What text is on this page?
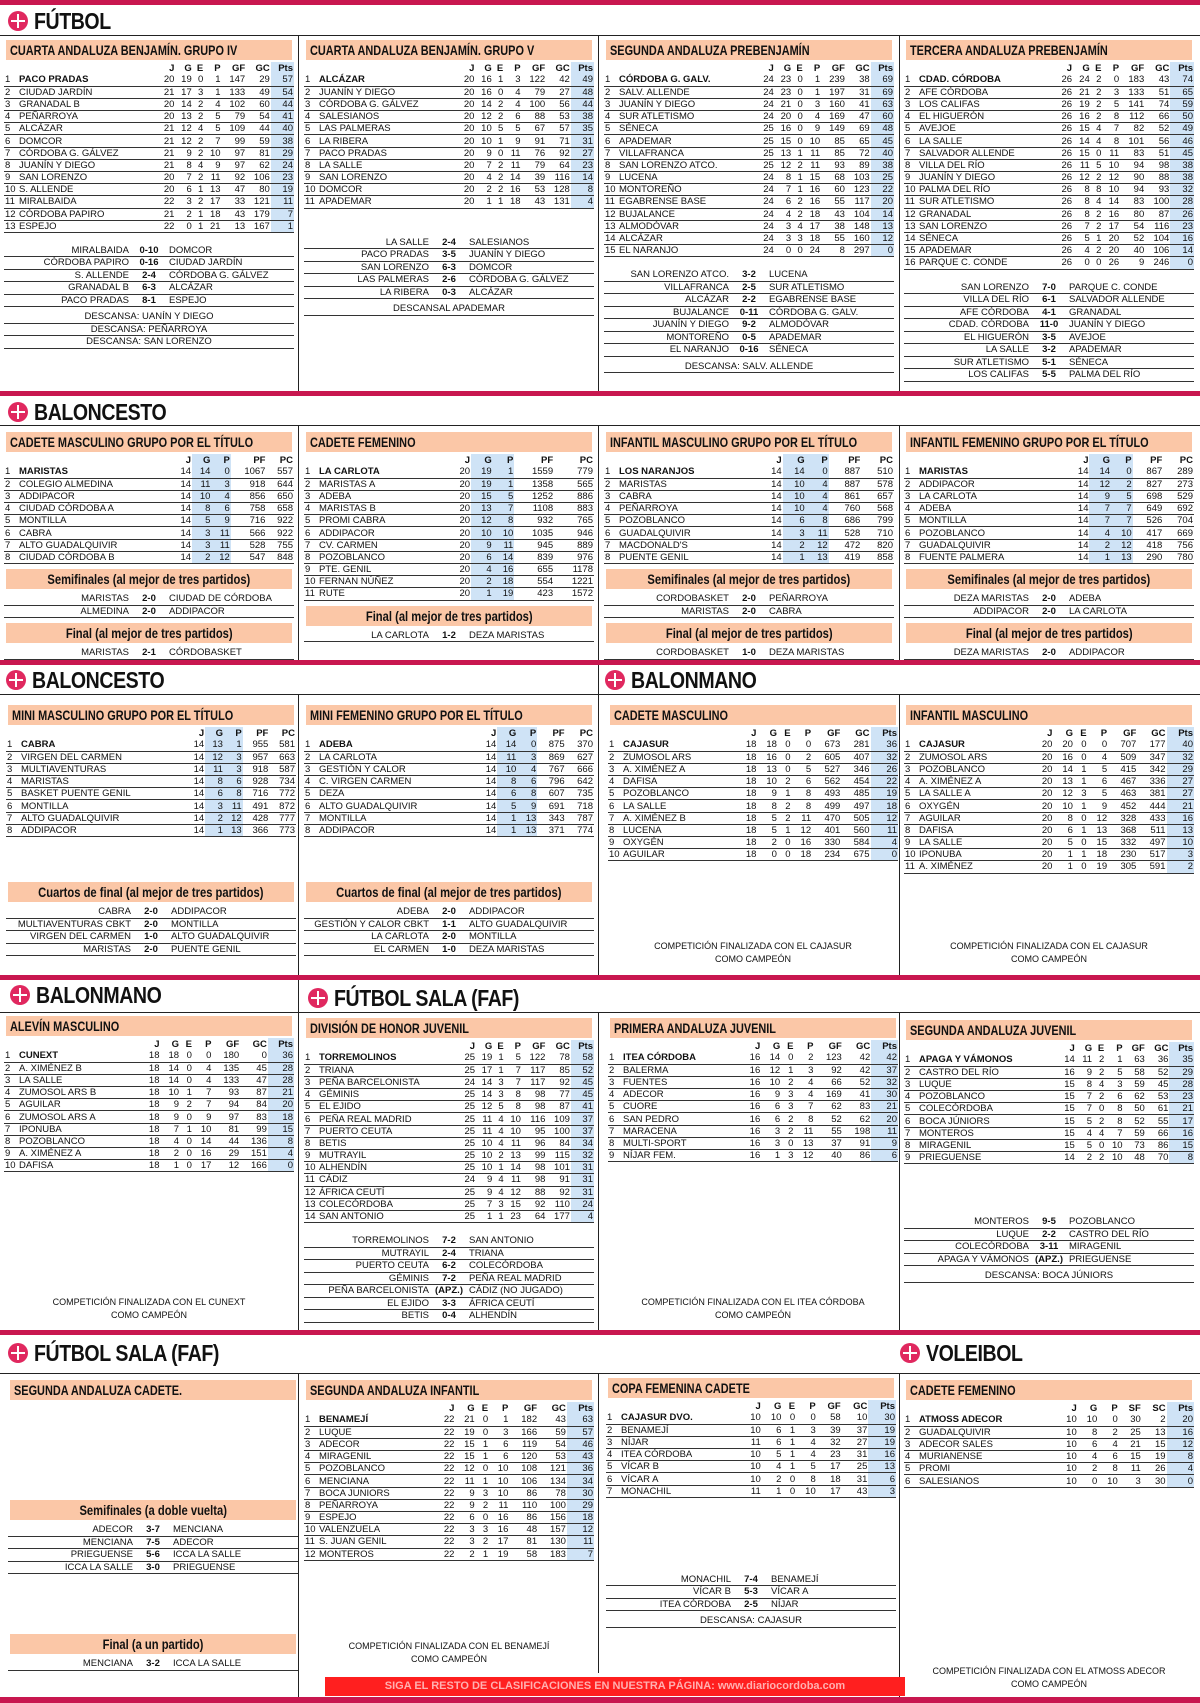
FÚTBOL
BALONCESTO
BALONCESTO	BALONMANO
BALONMANO	FÚTBOL SALA (FAF)
FÚTBOL SALA (FAF)	VOLEIBOL
CUARTA ANDALUZA BENJAMÍN. GRUPO IV
		J	G	E	P	GF	GC	Pts
1	PACO PRADAS	20	19	0	1	147	29	57
2	CIUDAD JARDÍN	21	17	3	1	133	49	54
3	GRANADAL B	20	14	2	4	102	60	44
4	PEÑARROYA	20	13	2	5	79	54	41
5	ALCÁZAR	21	12	4	5	109	44	40
6	DOMCOR	21	12	2	7	99	59	38
7	CÓRDOBA G. GÁLVEZ	21	9	2	10	97	81	29
8	JUANÍN Y DIEGO	21	8	4	9	97	62	24
9	SAN LORENZO	20	7	2	11	92	106	23
10	S. ALLENDE	20	6	1	13	47	80	19
11	MIRALBAIDA	22	3	2	17	33	121	11
12	CÓRDOBA PAPIRO	21	2	1	18	43	179	7
13	ESPEJO	22	0	1	21	13	167	1
MIRALBAIDA	0-10	DOMCOR
CÓRDOBA PAPIRO	0-16	CIUDAD JARDÍN
S. ALLENDE	2-4	CÓRDOBA G. GÁLVEZ
GRANADAL B	6-3	ALCÁZAR
PACO PRADAS	8-1	ESPEJO
DESCANSA: UANÍN Y DIEGO
DESCANSA: PEÑARROYA
DESCANSA: SAN LORENZO
CUARTA ANDALUZA BENJAMÍN. GRUPO V
		J	G	E	P	GF	GC	Pts
1	ALCÁZAR	20	16	1	3	122	42	49
2	JUANÍN Y DIEGO	20	16	0	4	79	27	48
3	CÓRDOBA G. GÁLVEZ	20	14	2	4	100	56	44
4	SALESIANOS	20	12	2	6	88	53	38
5	LAS PALMERAS	20	10	5	5	67	57	35
6	LA RIBERA	20	10	1	9	91	71	31
7	PACO PRADAS	20	9	0	11	76	92	27
8	LA SALLE	20	7	2	11	79	64	23
9	SAN LORENZO	20	4	2	14	39	116	14
10	DOMCOR	20	2	2	16	53	128	8
11	APADEMAR	20	1	1	18	43	131	4
LA SALLE	2-4	SALESIANOS
PACO PRADAS	3-5	JUANÍN Y DIEGO
SAN LORENZO	6-3	DOMCOR
LAS PALMERAS	2-6	CÓRDOBA G. GÁLVEZ
LA RIBERA	0-3	ALCÁZAR
DESCANSAL APADEMAR
SEGUNDA ANDALUZA PREBENJAMÍN
		J	G	E	P	GF	GC	Pts
1	CÓRDOBA G. GALV.	24	23	0	1	239	38	69
2	SALV. ALLENDE	24	23	0	1	197	31	69
3	JUANÍN Y DIEGO	24	21	0	3	160	41	63
4	SUR ATLETISMO	24	20	0	4	169	47	60
5	SÉNECA	25	16	0	9	149	69	48
6	APADEMAR	25	15	0	10	85	65	45
7	VILLAFRANCA	25	13	1	11	85	72	40
8	SAN LORENZO ATCO.	25	12	2	11	93	89	38
9	LUCENA	24	8	1	15	68	103	25
10	MONTOREÑO	24	7	1	16	60	123	22
11	EGABRENSE BASE	24	6	2	16	55	117	20
12	BUJALANCE	24	4	2	18	43	104	14
13	ALMODÓVAR	24	3	4	17	38	148	13
14	ALCÁZAR	24	3	3	18	55	160	12
15	EL NARANJO	24	0	0	24	8	297	0
SAN LORENZO ATCO.	3-2	LUCENA
VILLAFRANCA	2-5	SUR ATLETISMO
ALCÁZAR	2-2	EGABRENSE BASE
BUJALANCE	0-11	CÓRDOBA G. GALV.
JUANÍN Y DIEGO	9-2	ALMODÓVAR
MONTOREÑO	0-5	APADEMAR
EL NARANJO	0-16	SÉNECA
DESCANSA: SALV. ALLENDE
TERCERA ANDALUZA PREBENJAMÍN
		J	G	E	P	GF	GC	Pts
1	CDAD. CÓRDOBA	26	24	2	0	183	43	74
2	AFE CÓRDOBA	26	21	2	3	133	51	65
3	LOS CALIFAS	26	19	2	5	141	74	59
4	EL HIGUERÓN	26	16	2	8	112	66	50
5	AVEJOE	26	15	4	7	82	52	49
6	LA SALLE	26	14	4	8	101	56	46
7	SALVADOR ALLENDE	26	15	0	11	83	51	45
8	VILLA DEL RÍO	26	11	5	10	94	98	38
9	JUANÍN Y DIEGO	26	12	2	12	90	88	38
10	PALMA DEL RÍO	26	8	8	10	94	93	32
11	SUR ATLETISMO	26	8	4	14	83	100	28
12	GRANADAL	26	8	2	16	80	87	26
13	SAN LORENZO	26	7	2	17	54	116	23
14	SÉNECA	26	5	1	20	52	104	16
15	APADEMAR	26	4	2	20	40	106	14
16	PARQUE C. CONDE	26	0	0	26	9	246	0
SAN LORENZO	7-0	PARQUE C. CONDE
VILLA DEL RÍO	6-1	SALVADOR ALLENDE
AFE CÓRDOBA	4-1	GRANADAL
CDAD. CÓRDOBA	11-0	JUANÍN Y DIEGO
EL HIGUERÓN	3-5	AVEJOE
LA SALLE	3-2	APADEMAR
SUR ATLETISMO	5-1	SÉNECA
LOS CALIFAS	5-5	PALMA DEL RÍO
CADETE MASCULINO GRUPO POR EL TÍTULO
		J	G	P	PF	PC
1	MARISTAS	14	14	0	1067	557
2	COLEGIO ALMEDINA	14	11	3	918	644
3	ADDIPACOR	14	10	4	856	650
4	CIUDAD CÓRDOBA A	14	8	6	758	658
5	MONTILLA	14	5	9	716	922
6	CABRA	14	3	11	566	922
7	ALTO GUADALQUIVIR	14	3	11	528	755
8	CIUDAD CÓRDOBA B	14	2	12	547	848
Semifinales (al mejor de tres partidos)
MARISTAS	2-0	CIUDAD DE CÓRDOBA
ALMEDINA	2-0	ADDIPACOR
Final (al mejor de tres partidos)
MARISTAS	2-1	CÓRDOBASKET
CADETE FEMENINO
		J	G	P	PF	PC
1	LA CARLOTA	20	19	1	1559	779
2	MARISTAS A	20	19	1	1358	565
3	ADEBA	20	15	5	1252	886
4	MARISTAS B	20	13	7	1108	883
5	PROMI CABRA	20	12	8	932	765
6	ADDIPACOR	20	10	10	1035	946
7	CV. CARMEN	20	9	11	945	889
8	POZOBLANCO	20	6	14	839	976
9	PTE. GENIL	20	4	16	655	1178
10	FERNAN NÚÑEZ	20	2	18	554	1221
11	RUTE	20	1	19	423	1572
Final (al mejor de tres partidos)
LA CARLOTA	1-2	DEZA MARISTAS
INFANTIL MASCULINO GRUPO POR EL TÍTULO
		J	G	P	PF	PC
1	LOS NARANJOS	14	14	0	887	510
2	MARISTAS	14	10	4	887	578
3	CABRA	14	10	4	861	657
4	PEÑARROYA	14	10	4	760	568
5	POZOBLANCO	14	6	8	686	799
6	GUADALQUIVIR	14	3	11	528	710
7	MACDONALD'S	14	2	12	472	820
8	PUENTE GENIL	14	1	13	419	858
Semifinales (al mejor de tres partidos)
CORDOBASKET	2-0	PEÑARROYA
MARISTAS	2-0	CABRA
Final (al mejor de tres partidos)
CORDOBASKET	1-0	DEZA MARISTAS
INFANTIL FEMENINO GRUPO POR EL TÍTULO
		J	G	P	PF	PC
1	MARISTAS	14	14	0	867	289
2	ADDIPACOR	14	12	2	827	273
3	LA CARLOTA	14	9	5	698	529
4	ADEBA	14	7	7	649	692
5	MONTILLA	14	7	7	526	704
6	POZOBLANCO	14	4	10	417	669
7	GUADALQUIVIR	14	2	12	418	756
8	FUENTE PALMERA	14	1	13	290	780
Semifinales (al mejor de tres partidos)
DEZA MARISTAS	2-0	ADEBA
ADDIPACOR	2-0	LA CARLOTA
Final (al mejor de tres partidos)
DEZA MARISTAS	2-0	ADDIPACOR
MINI MASCULINO GRUPO POR EL TÍTULO
		J	G	P	PF	PC
1	CABRA	14	13	1	955	581
2	VIRGEN DEL CARMEN	14	12	3	957	663
3	MULTIAVENTURAS	14	11	3	918	587
4	MARISTAS	14	8	6	928	734
5	BASKET PUENTE GENIL	14	6	8	716	772
6	MONTILLA	14	3	11	491	872
7	ALTO GUADALQUIVIR	14	2	12	428	777
8	ADDIPACOR	14	1	13	366	773
Cuartos de final (al mejor de tres partidos)
CABRA	2-0	ADDIPACOR
MULTIAVENTURAS CBKT	2-0	MONTILLA
VIRGEN DEL CARMEN	1-0	ALTO GUADALQUIVIR
MARISTAS	2-0	PUENTE GENIL
MINI FEMENINO GRUPO POR EL TÍTULO
		J	G	P	PF	PC
1	ADEBA	14	14	0	875	370
2	LA CARLOTA	14	11	3	869	627
3	GESTIÓN Y CALOR	14	10	4	767	666
4	C. VIRGEN CARMEN	14	8	6	796	642
5	DEZA	14	6	8	607	735
6	ALTO GUADALQUIVIR	14	5	9	691	718
7	MONTILLA	14	1	13	343	787
8	ADDIPACOR	14	1	13	371	774
Cuartos de final (al mejor de tres partidos)
ADEBA	2-0	ADDIPACOR
GESTIÓN Y CALOR CBKT	1-1	ALTO GUADALQUIVIR
LA CARLOTA	2-0	MONTILLA
EL CARMEN	1-0	DEZA MARISTAS
CADETE MASCULINO
		J	G	E	P	GF	GC	Pts
1	CAJASUR	18	18	0	0	673	281	36
2	ZUMOSOL ARS	18	16	0	2	605	407	32
3	A. XIMÉNEZ A	18	13	0	5	527	346	26
4	DAFISA	18	10	2	6	562	454	22
5	POZOBLANCO	18	9	1	8	493	485	19
6	LA SALLE	18	8	2	8	499	497	18
7	A. XIMÉNEZ B	18	5	2	11	470	505	12
8	LUCENA	18	5	1	12	401	560	11
9	OXYGÉN	18	2	0	16	330	584	4
10	AGUILAR	18	0	0	18	234	675	0
COMPETICIÓN FINALIZADA CON EL CAJASUR
COMO CAMPEÓN
INFANTIL MASCULINO
		J	G	E	P	GF	GC	Pts
1	CAJASUR	20	20	0	0	707	177	40
2	ZUMOSOL ARS	20	16	0	4	509	347	32
3	POZOBLANCO	20	14	1	5	415	342	29
4	A. XIMÉNEZ A	20	13	1	6	467	336	27
5	LA SALLE A	20	12	3	5	463	381	27
6	OXYGÉN	20	10	1	9	452	444	21
7	AGUILAR	20	8	0	12	328	433	16
8	DAFISA	20	6	1	13	368	511	13
9	LA SALLE	20	5	0	15	332	497	10
10	IPONUBA	20	1	1	18	230	517	3
11	A. XIMÉNEZ	20	1	0	19	305	591	2
COMPETICIÓN FINALIZADA CON EL CAJASUR
COMO CAMPEÓN
ALEVÍN MASCULINO
		J	G	E	P	GF	GC	Pts
1	CUNEXT	18	18	0	0	180	0	36
2	A. XIMÉNEZ B	18	14	0	4	135	45	28
3	LA SALLE	18	14	0	4	133	47	28
4	ZUMOSOL ARS B	18	10	1	7	93	87	21
5	AGUILAR	18	9	2	7	94	84	20
6	ZUMOSOL ARS A	18	9	0	9	97	83	18
7	IPONUBA	18	7	1	10	81	99	15
8	POZOBLANCO	18	4	0	14	44	136	8
9	A. XIMÉNEZ A	18	2	0	16	29	151	4
10	DAFISA	18	1	0	17	12	166	0
COMPETICIÓN FINALIZADA CON EL CUNEXT
COMO CAMPEÓN
DIVISIÓN DE HONOR JUVENIL
		J	G	E	P	GF	GC	Pts
1	TORREMOLINOS	25	19	1	5	122	78	58
2	TRIANA	25	17	1	7	117	85	52
3	PEÑA BARCELONISTA	24	14	3	7	117	92	45
4	GÉMINIS	25	14	3	8	98	77	45
5	EL EJIDO	25	12	5	8	98	87	41
6	PEÑA REAL MADRID	25	11	4	10	116	109	37
7	PUERTO CEUTA	25	11	4	10	95	100	37
8	BETIS	25	10	4	11	96	84	34
9	MUTRAYIL	25	10	2	13	99	115	32
10	ALHENDÍN	25	10	1	14	98	101	31
11	CÁDIZ	24	9	4	11	98	91	31
12	ÁFRICA CEUTÍ	25	9	4	12	88	92	31
13	COLECÓRDOBA	25	7	3	15	92	110	24
14	SAN ANTONIO	25	1	1	23	64	177	4
TORREMOLINOS	7-2	SAN ANTONIO
MUTRAYIL	2-4	TRIANA
PUERTO CEUTA	6-2	COLECÓRDOBA
GÉMINIS	7-2	PEÑA REAL MADRID
PEÑA BARCELONISTA (APZ.) CÁDIZ (NO JUGADO)
EL EJIDO	3-3	ÁFRICA CEUTÍ
BETIS	0-4	ALHENDÍN
PRIMERA ANDALUZA JUVENIL
		J	G	E	P	GF	GC	Pts
1	ITEA CÓRDOBA	16	14	0	2	123	42	42
2	BALERMA	16	12	1	3	92	42	37
3	FUENTES	16	10	2	4	66	52	32
4	ADECOR	16	9	3	4	169	41	30
5	CUORE	16	6	3	7	62	83	21
6	SAN PEDRO	16	6	2	8	52	62	20
7	MARACENA	16	3	2	11	55	198	11
8	MULTI-SPORT	16	3	0	13	37	91	9
9	NÍJAR FEM.	16	1	3	12	40	86	6
COMPETICIÓN FINALIZADA CON EL ITEA CÓRDOBA
COMO CAMPEÓN
SEGUNDA ANDALUZA JUVENIL
		J	G	E	P	GF	GC	Pts
1	APAGA Y VÁMONOS	14	11	2	1	63	36	35
2	CASTRO DEL RÍO	16	9	2	5	58	52	29
3	LUQUE	15	8	4	3	59	45	28
4	POZOBLANCO	15	7	2	6	62	53	23
5	COLECÓRDOBA	15	7	0	8	50	61	21
6	BOCA JÚNIORS	15	5	2	8	52	55	17
7	MONTEROS	15	4	4	7	59	66	16
8	MIRAGENIL	15	5	0	10	73	86	15
9	PRIEGUENSE	14	2	2	10	48	70	8
MONTEROS	9-5	POZOBLANCO
LUQUE	2-2	CASTRO DEL RÍO
COLECÓRDOBA	3-11	MIRAGENIL
APAGA Y VÁMONOS (APZ.) PRIEGUENSE
DESCANSA: BOCA JÚNIORS
SEGUNDA ANDALUZA CADETE.
Semifinales (a doble vuelta)
ADECOR	3-7	MENCIANA
MENCIANA	7-5	ADECOR
PRIEGUENSE	5-6	ICCA LA SALLE
ICCA LA SALLE	3-0	PRIEGUENSE
Final (a un partido)
MENCIANA	3-2	ICCA LA SALLE
SEGUNDA ANDALUZA INFANTIL
		J	G	E	P	GF	GC	Pts
1	BENAMEJÍ	22	21	0	1	182	43	63
2	LUQUE	22	19	0	3	166	59	57
3	ADECOR	22	15	1	6	119	54	46
4	MIRAGENIL	22	15	1	6	120	53	43
5	POZOBLANCO	22	12	0	10	108	121	36
6	MENCIANA	22	11	1	10	106	134	34
7	BOCA JUNIORS	22	9	3	10	86	78	30
8	PEÑARROYA	22	9	2	11	110	100	29
9	ESPEJO	22	6	0	16	86	156	18
10	VALENZUELA	22	3	3	16	48	157	12
11	S. JUAN GENIL	22	3	2	17	81	130	11
12	MONTEROS	22	2	1	19	58	183	7
COMPETICIÓN FINALIZADA CON EL BENAMEJÍ
COMO CAMPEÓN
COPA FEMENINA CADETE
		J	G	E	P	GF	GC	Pts
1	CAJASUR DVO.	10	10	0	0	58	10	30
2	BENAMEJÍ	10	6	1	3	39	37	19
3	NÍJAR	11	6	1	4	32	27	19
4	ITEA CÓRDOBA	10	5	1	4	23	31	16
5	VÍCAR B	10	4	1	5	17	25	13
6	VÍCAR A	10	2	0	8	18	31	6
7	MONACHIL	11	1	0	10	17	43	3
MONACHIL	7-4	BENAMEJÍ
VÍCAR B	5-3	VÍCAR A
ITEA CÓRDOBA	2-5	NÍJAR
DESCANSA: CAJASUR
CADETE FEMENINO
		J	G	P	SF	SC	Pts
1	ATMOSS ADECOR	10	10	0	30	2	20
2	GUADALQUIVIR	10	8	2	25	13	16
3	ADECOR SALES	10	6	4	21	15	12
4	MURIANENSE	10	4	6	15	19	8
5	PROMI	10	2	8	11	26	4
6	SALESIANOS	10	0	10	3	30	0
COMPETICIÓN FINALIZADA CON EL ATMOSS ADECOR
COMO CAMPEÓN
SIGA EL RESTO DE CLASIFICACIONES EN NUESTRA PÁGINA: www.diariocordoba.com
